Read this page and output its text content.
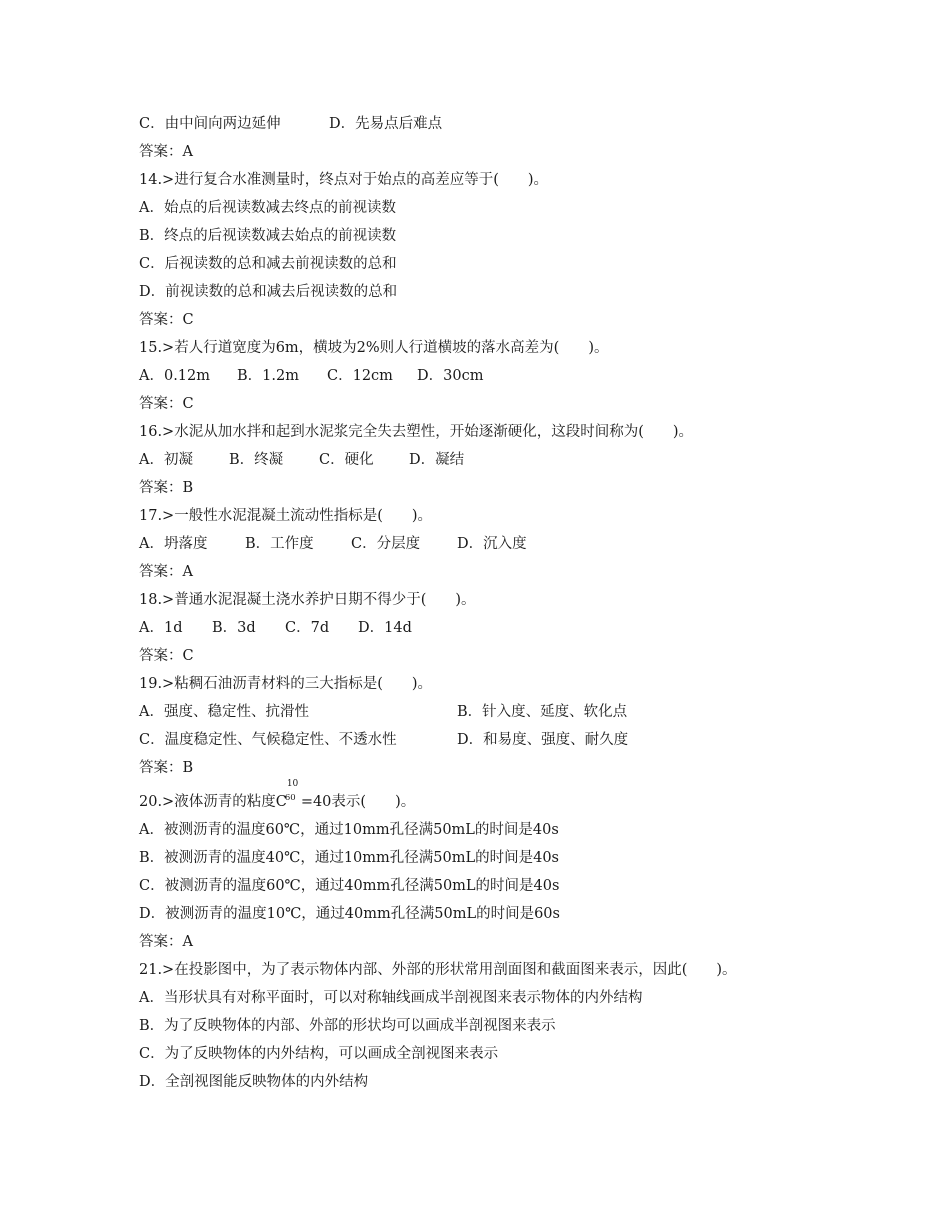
C．由中间向两边延伸	D．先易点后难点
答案：A
14.>进行复合水准测量时，终点对于始点的高差应等于(　　)。
A．始点的后视读数减去终点的前视读数
B．终点的后视读数减去始点的前视读数
C．后视读数的总和减去前视读数的总和
D．前视读数的总和减去后视读数的总和
答案：C
15.>若人行道宽度为6m，横坡为2%则人行道横坡的落水高差为(　　)。
A．0.12m B．1.2m C．12cm D．30cm
答案：C
16.>水泥从加水拌和起到水泥浆完全失去塑性，开始逐渐硬化，这段时间称为(　　)。
A．初凝 B．终凝 C．硬化 D．凝结
答案：B
17.>一般性水泥混凝土流动性指标是(　　)。
A．坍落度	B．工作度	C．分层度	D．沉入度
答案：A
18.>普通水泥混凝土浇水养护日期不得少于(　　)。
A．1d B．3d C．7d D．14d
答案：C
19.>粘稠石油沥青材料的三大指标是(　　)。
A．强度、稳定性、抗滑性	B．针入度、延度、软化点
C．温度稳定性、气候稳定性、不透水性	D．和易度、强度、耐久度
答案：B
20.>液体沥青的粘度C
10
60 =40表示(　　)。
A．被测沥青的温度60℃，通过10mm孔径满50mL的时间是40s
B．被测沥青的温度40℃，通过10mm孔径满50mL的时间是40s
C．被测沥青的温度60℃，通过40mm孔径满50mL的时间是40s
D．被测沥青的温度10℃，通过40mm孔径满50mL的时间是60s
答案：A
21.>在投影图中，为了表示物体内部、外部的形状常用剖面图和截面图来表示，因此(　　)。
A．当形状具有对称平面时，可以对称轴线画成半剖视图来表示物体的内外结构
B．为了反映物体的内部、外部的形状均可以画成半剖视图来表示
C．为了反映物体的内外结构，可以画成全剖视图来表示
D．全剖视图能反映物体的内外结构
